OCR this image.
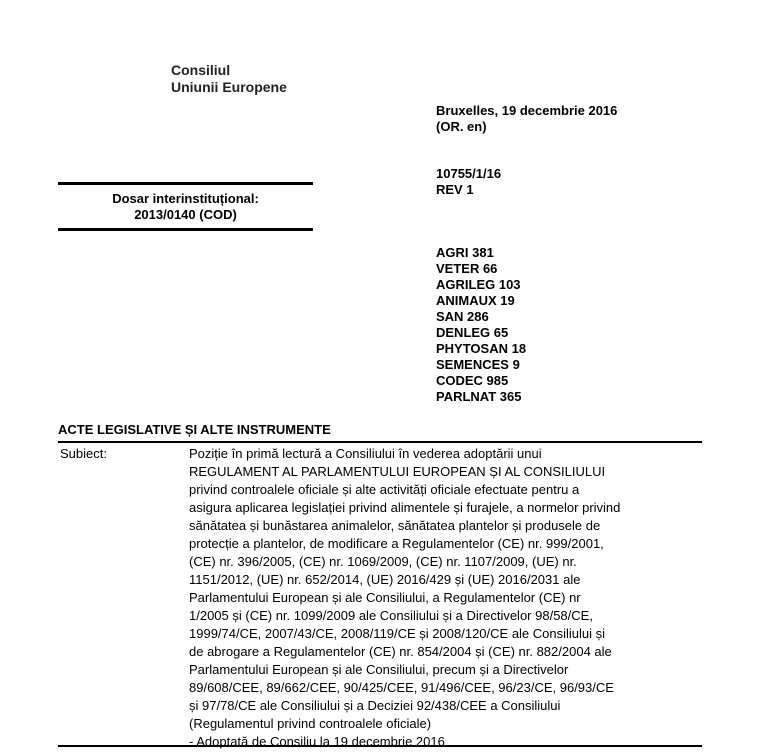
Consiliul
Uniunii Europene
Bruxelles, 19 decembrie 2016
(OR. en)
10755/1/16
REV 1
Dosar interinstituțional:
2013/0140 (COD)
AGRI 381
VETER 66
AGRILEG 103
ANIMAUX 19
SAN 286
DENLEG 65
PHYTOSAN 18
SEMENCES 9
CODEC 985
PARLNAT 365
ACTE LEGISLATIVE ȘI ALTE INSTRUMENTE
Subiect:	Poziție în primă lectură a Consiliului în vederea adoptării unui
REGULAMENT AL PARLAMENTULUI EUROPEAN ȘI AL CONSILIULUI
privind controalele oficiale și alte activități oficiale efectuate pentru a
asigura aplicarea legislației privind alimentele și furajele, a normelor privind
sănătatea și bunăstarea animalelor, sănătatea plantelor și produsele de
protecție a plantelor, de modificare a Regulamentelor (CE) nr. 999/2001,
(CE) nr. 396/2005, (CE) nr. 1069/2009, (CE) nr. 1107/2009, (UE) nr.
1151/2012, (UE) nr. 652/2014, (UE) 2016/429 și (UE) 2016/2031 ale
Parlamentului European și ale Consiliului, a Regulamentelor (CE) nr
1/2005 și (CE) nr. 1099/2009 ale Consiliului și a Directivelor 98/58/CE,
1999/74/CE, 2007/43/CE, 2008/119/CE și 2008/120/CE ale Consiliului și
de abrogare a Regulamentelor (CE) nr. 854/2004 și (CE) nr. 882/2004 ale
Parlamentului European și ale Consiliului, precum și a Directivelor
89/608/CEE, 89/662/CEE, 90/425/CEE, 91/496/CEE, 96/23/CE, 96/93/CE
și 97/78/CE ale Consiliului și a Deciziei 92/438/CEE a Consiliului
(Regulamentul privind controalele oficiale)
- Adoptată de Consiliu la 19 decembrie 2016
